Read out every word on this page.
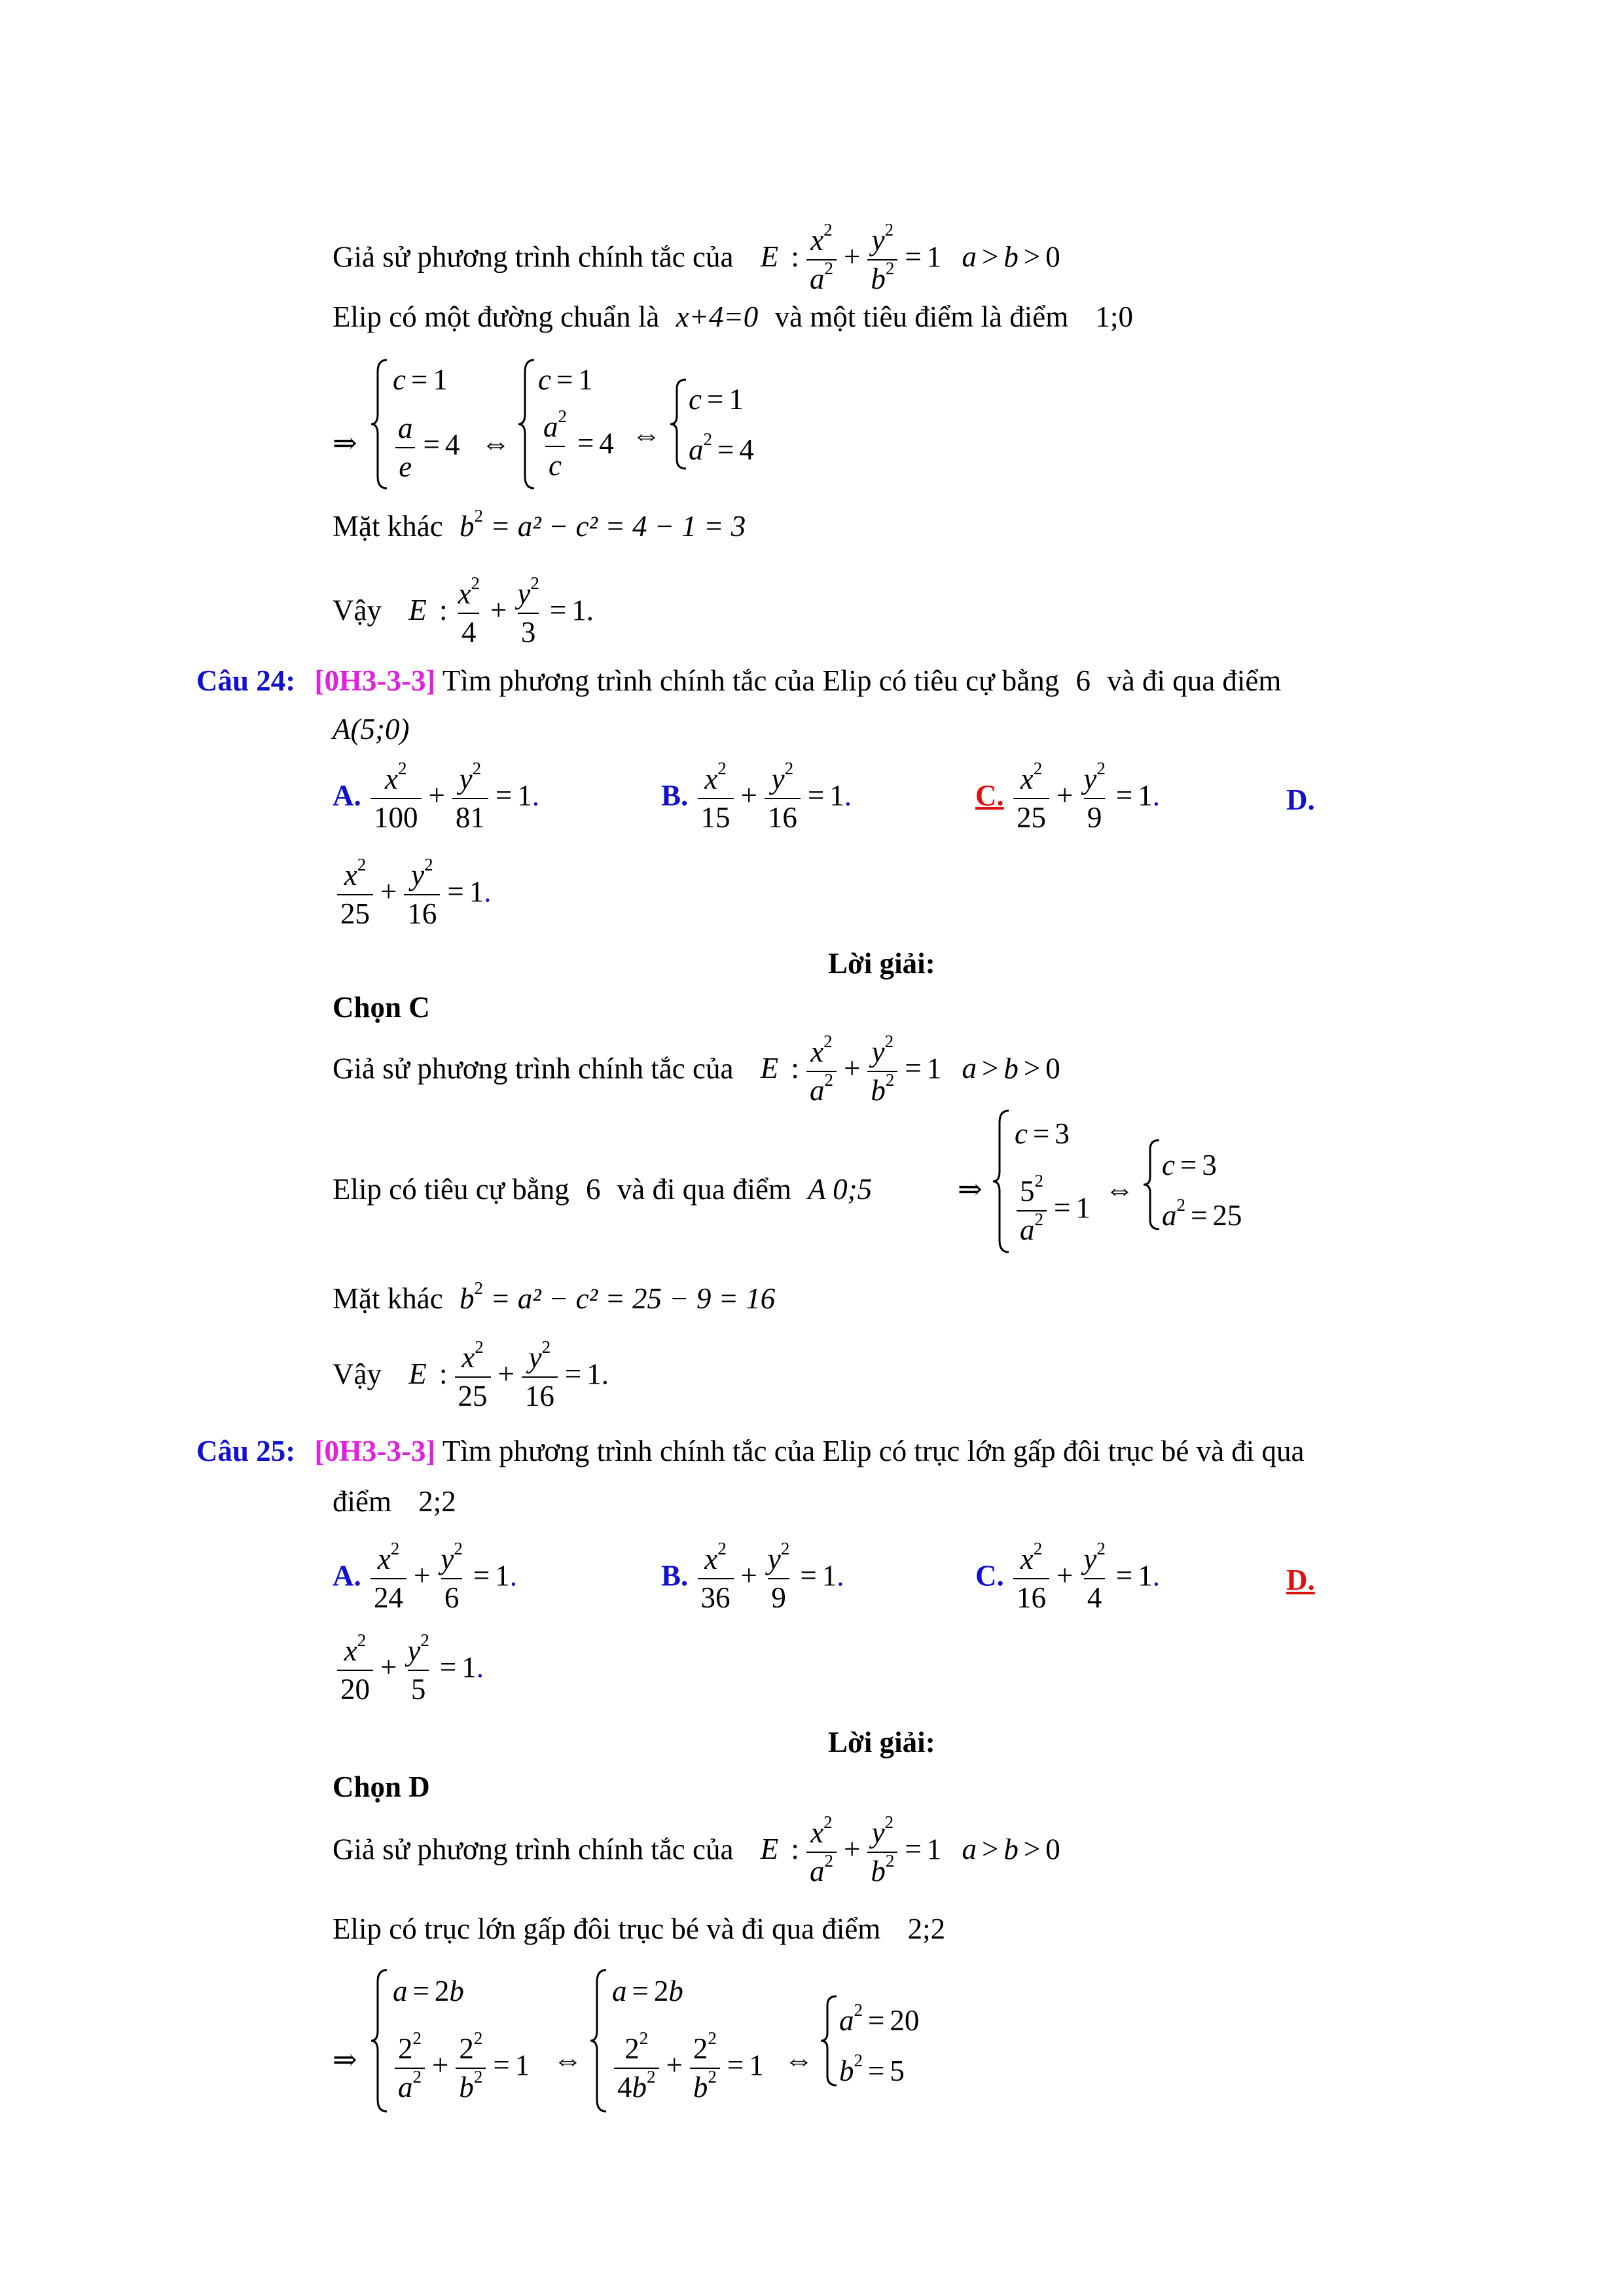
Giả sử phương trình chính tắc của E : $\frac{x^2}{a^2} + \frac{y^2}{b^2} = 1$ a > b > 0
Elip có một đường chuẩn là x+4=0 và một tiêu điểm là điểm 1;0
⇒
c = 1
$\frac{a}{e} = 4$ ⇔
c = 1
$\frac{a^2}{c} = 4$ ⇔
c = 1
$a^2 = 4$
Mặt khác $b^2 = a^2 - c^2 = 4 - 1 = 3$
Vậy E : $\frac{x^2}{4} + \frac{y^2}{3} = 1$.
Câu 24: [0H3-3-3] Tìm phương trình chính tắc của Elip có tiêu cự bằng 6 và đi qua điểm
A(5;0)
A. $\frac{x^2}{100} + \frac{y^2}{81} = 1$.	B. $\frac{x^2}{15} + \frac{y^2}{16} = 1$.	C. $\frac{x^2}{25} + \frac{y^2}{9} = 1$.	D.
$\frac{x^2}{25} + \frac{y^2}{16} = 1$.
Lời giải:
Chọn C
Giả sử phương trình chính tắc của E : $\frac{x^2}{a^2} + \frac{y^2}{b^2} = 1$ a > b > 0
Elip có tiêu cự bằng 6 và đi qua điểm A 0;5	⇒
c = 3
$\frac{5^2}{a^2} = 1$
⇔
c = 3
$a^2 = 25$
Mặt khác $b^2 = a^2 - c^2 = 25 - 9 = 16$
Vậy E : $\frac{x^2}{25} + \frac{y^2}{16} = 1$.
Câu 25: [0H3-3-3] Tìm phương trình chính tắc của Elip có trục lớn gấp đôi trục bé và đi qua
điểm 2;2
A. $\frac{x^2}{24} + \frac{y^2}{6} = 1$.	B. $\frac{x^2}{36} + \frac{y^2}{9} = 1$.	C. $\frac{x^2}{16} + \frac{y^2}{4} = 1$.	D.
$\frac{x^2}{20} + \frac{y^2}{5} = 1$.
Lời giải:
Chọn D
Giả sử phương trình chính tắc của E : $\frac{x^2}{a^2} + \frac{y^2}{b^2} = 1$ a > b > 0
Elip có trục lớn gấp đôi trục bé và đi qua điểm 2;2
⇒
a = 2b
$\frac{2^2}{a^2} + \frac{2^2}{b^2} = 1$ ⇔
a = 2b
$\frac{2^2}{4b^2} + \frac{2^2}{b^2} = 1$ ⇔
$a^2 = 20$
$b^2 = 5$
